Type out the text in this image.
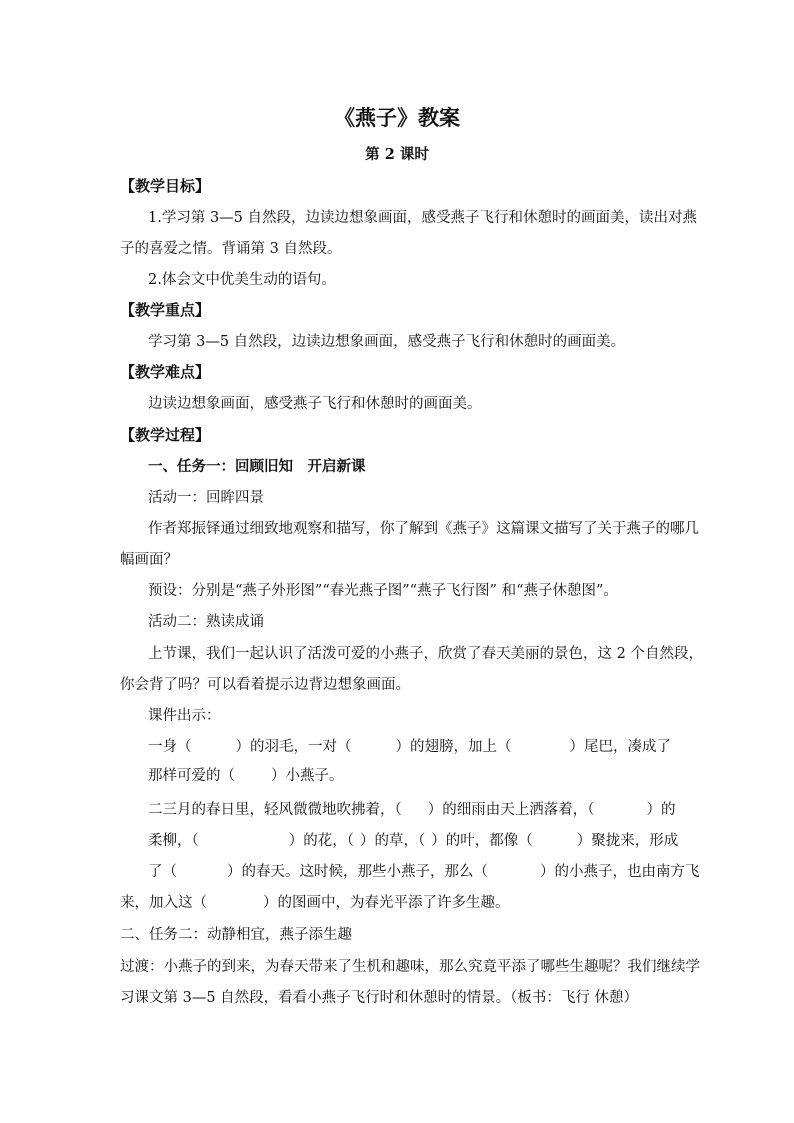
《燕子》教案
第 2 课时
【教学目标】
1.学习第 3—5 自然段，边读边想象画面，感受燕子飞行和休憩时的画面美，读出对燕
子的喜爱之情。背诵第 3 自然段。
2.体会文中优美生动的语句。
【教学重点】
学习第 3—5 自然段，边读边想象画面，感受燕子飞行和休憩时的画面美。
【教学难点】
边读边想象画面，感受燕子飞行和休憩时的画面美。
【教学过程】
一、任务一：回顾旧知　开启新课
活动一：回眸四景
作者郑振铎通过细致地观察和描写，你了解到《燕子》这篇课文描写了关于燕子的哪几
幅画面？
预设：分别是“燕子外形图”“春光燕子图”“燕子飞行图” 和“燕子休憩图”。
活动二：熟读成诵
上节课，我们一起认识了活泼可爱的小燕子，欣赏了春天美丽的景色，这 2 个自然段，
你会背了吗？可以看着提示边背边想象画面。
课件出示：
一身（	）的羽毛，一对（	）的翅膀，加上（	）尾巴，凑成了
那样可爱的（ ）小燕子。
二三月的春日里，轻风微微地吹拂着，（ ）的细雨由天上洒落着，（	）的
柔柳，（	）的花，（ ）的草，（ ）的叶，都像（	）聚拢来，形成
了（	）的春天。这时候，那些小燕子，那么（	）的小燕子，也由南方飞
来，加入这（	）的图画中，为春光平添了许多生趣。
二、任务二：动静相宜，燕子添生趣
过渡：小燕子的到来，为春天带来了生机和趣味，那么究竟平添了哪些生趣呢？我们继续学
习课文第 3—5 自然段，看看小燕子飞行时和休憩时的情景。（板书：飞行 休憩）
